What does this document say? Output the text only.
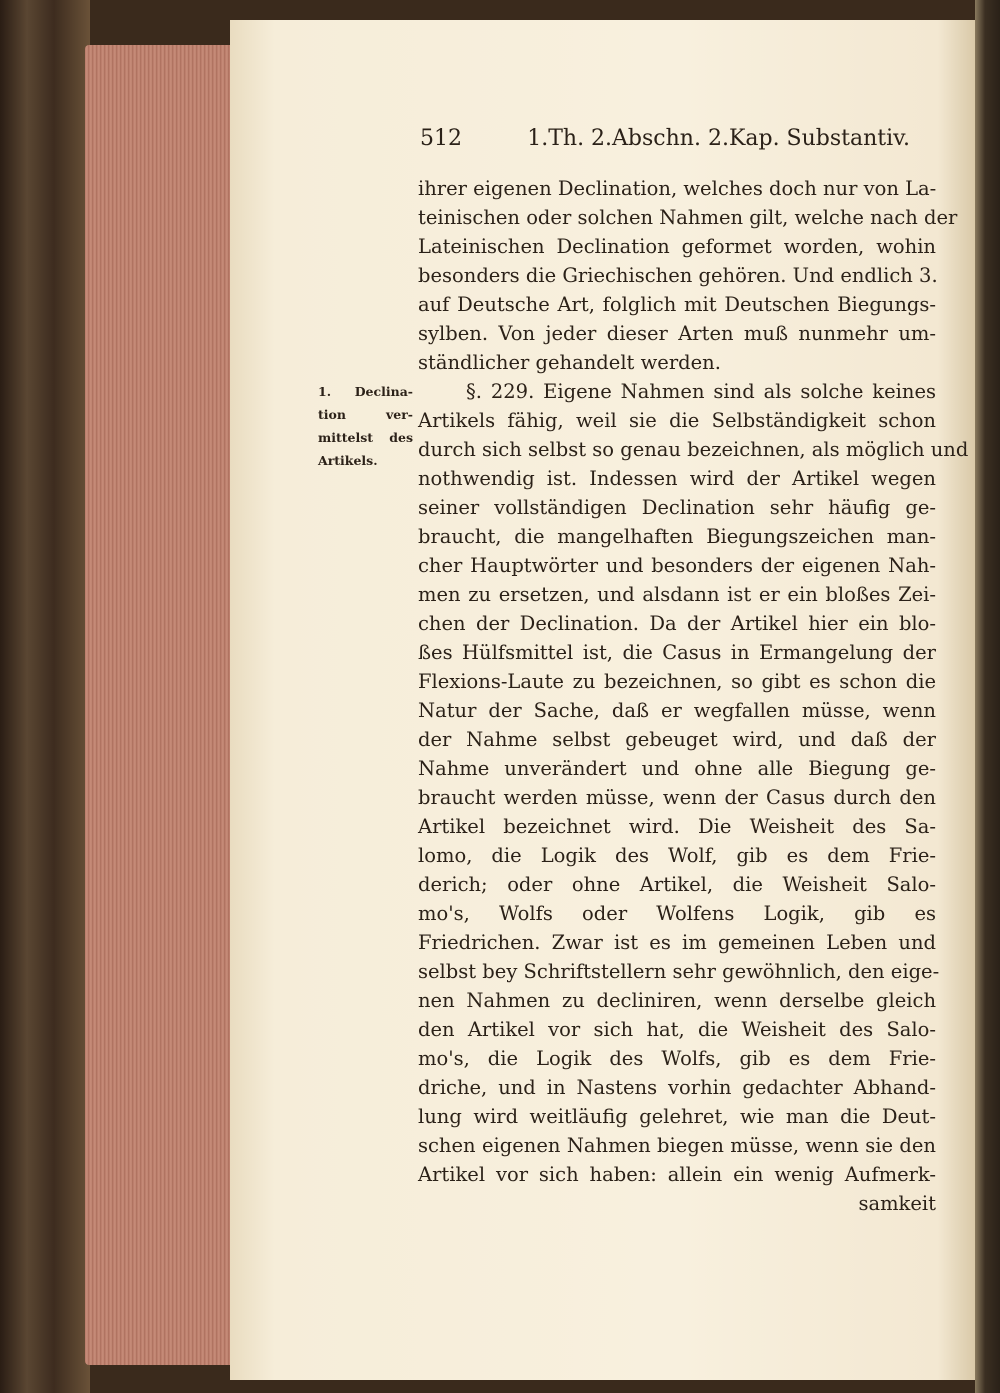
512	1.Th. 2.Abschn. 2.Kap. Substantiv.
1. Declina-
tion ver-
mittelst des
Artikels.
ihrer eigenen Declination, welches doch nur von La-
teinischen oder solchen Nahmen gilt, welche nach der
Lateinischen Declination geformet worden, wohin
besonders die Griechischen gehören. Und endlich 3.
auf Deutsche Art, folglich mit Deutschen Biegungs-
sylben. Von jeder dieser Arten muß nunmehr um-
ständlicher gehandelt werden.
§. 229. Eigene Nahmen sind als solche keines
Artikels fähig, weil sie die Selbständigkeit schon
durch sich selbst so genau bezeichnen, als möglich und
nothwendig ist. Indessen wird der Artikel wegen
seiner vollständigen Declination sehr häufig ge-
braucht, die mangelhaften Biegungszeichen man-
cher Hauptwörter und besonders der eigenen Nah-
men zu ersetzen, und alsdann ist er ein bloßes Zei-
chen der Declination. Da der Artikel hier ein blo-
ßes Hülfsmittel ist, die Casus in Ermangelung der
Flexions-Laute zu bezeichnen, so gibt es schon die
Natur der Sache, daß er wegfallen müsse, wenn
der Nahme selbst gebeuget wird, und daß der
Nahme unverändert und ohne alle Biegung ge-
braucht werden müsse, wenn der Casus durch den
Artikel bezeichnet wird. Die Weisheit des Sa-
lomo, die Logik des Wolf, gib es dem Frie-
derich; oder ohne Artikel, die Weisheit Salo-
mo's, Wolfs oder Wolfens Logik, gib es
Friedrichen. Zwar ist es im gemeinen Leben und
selbst bey Schriftstellern sehr gewöhnlich, den eige-
nen Nahmen zu decliniren, wenn derselbe gleich
den Artikel vor sich hat, die Weisheit des Salo-
mo's, die Logik des Wolfs, gib es dem Frie-
driche, und in Nastens vorhin gedachter Abhand-
lung wird weitläufig gelehret, wie man die Deut-
schen eigenen Nahmen biegen müsse, wenn sie den
Artikel vor sich haben: allein ein wenig Aufmerk-
samkeit
